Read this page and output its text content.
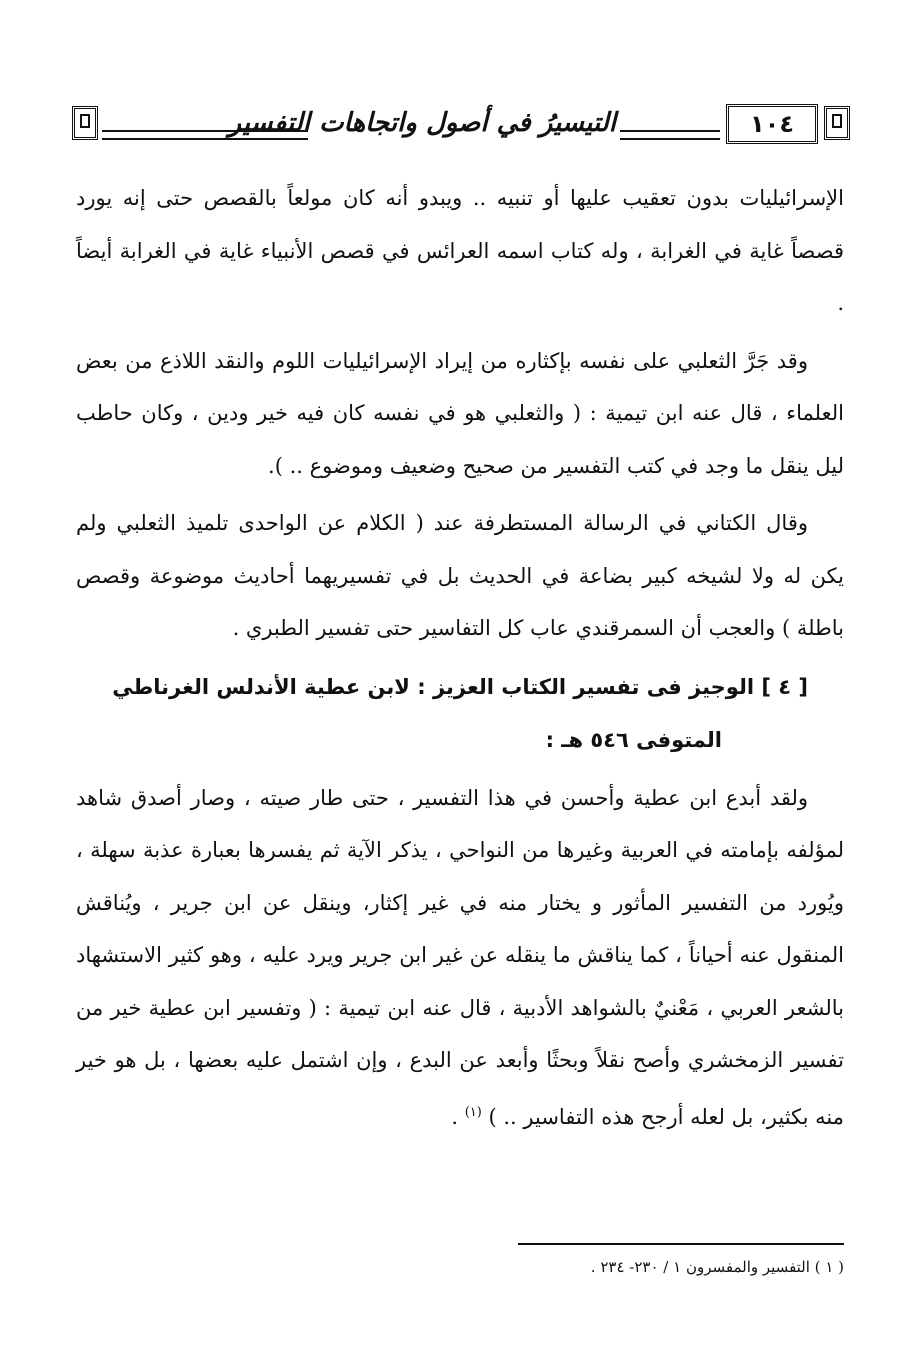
التيسيرُ في أصول واتجاهات التفسير	١٠٤

الإسرائيليات بدون تعقيب عليها أو تنبيه .. ويبدو أنه كان مولعاً بالقصص حتى إنه يورد قصصاً غاية في الغرابة ، وله كتاب اسمه العرائس في قصص الأنبياء غاية في الغرابة أيضاً .

وقد جَرَّ الثعلبي على نفسه بإكثاره من إيراد الإسرائيليات اللوم والنقد اللاذع من بعض العلماء ، قال عنه ابن تيمية : ( والثعلبي هو في نفسه كان فيه خير ودين ، وكان حاطب ليل ينقل ما وجد في كتب التفسير من صحيح وضعيف وموضوع .. ).

وقال الكتاني في الرسالة المستطرفة عند ( الكلام عن الواحدى تلميذ الثعلبي ولم يكن له ولا لشيخه كبير بضاعة في الحديث بل في تفسيريهما أحاديث موضوعة وقصص باطلة ) والعجب أن السمرقندي عاب كل التفاسير حتى تفسير الطبري .

[ ٤ ] الوجيز فى تفسير الكتاب العزيز : لابن عطية الأندلس الغرناطي

المتوفى ٥٤٦ هـ :

ولقد أبدع ابن عطية وأحسن في هذا التفسير ، حتى طار صيته ، وصار أصدق شاهد لمؤلفه بإمامته في العربية وغيرها من النواحي ، يذكر الآية ثم يفسرها بعبارة عذبة سهلة ، ويُورد من التفسير المأثور و يختار منه في غير إكثار، وينقل عن ابن جرير ، ويُناقش المنقول عنه أحياناً ، كما يناقش ما ينقله عن غير ابن جرير ويرد عليه ، وهو كثير الاستشهاد بالشعر العربي ، مَعْنيٌ بالشواهد الأدبية ، قال عنه ابن تيمية : ( وتفسير ابن عطية خير من تفسير الزمخشري وأصح نقلاً وبحثًا وأبعد عن البدع ، وإن اشتمل عليه بعضها ، بل هو خير منه بكثير، بل لعله أرجح هذه التفاسير .. ) $^{(١)}$ .

( ١ ) التفسير والمفسرون ١ / ٢٣٠- ٢٣٤ .
